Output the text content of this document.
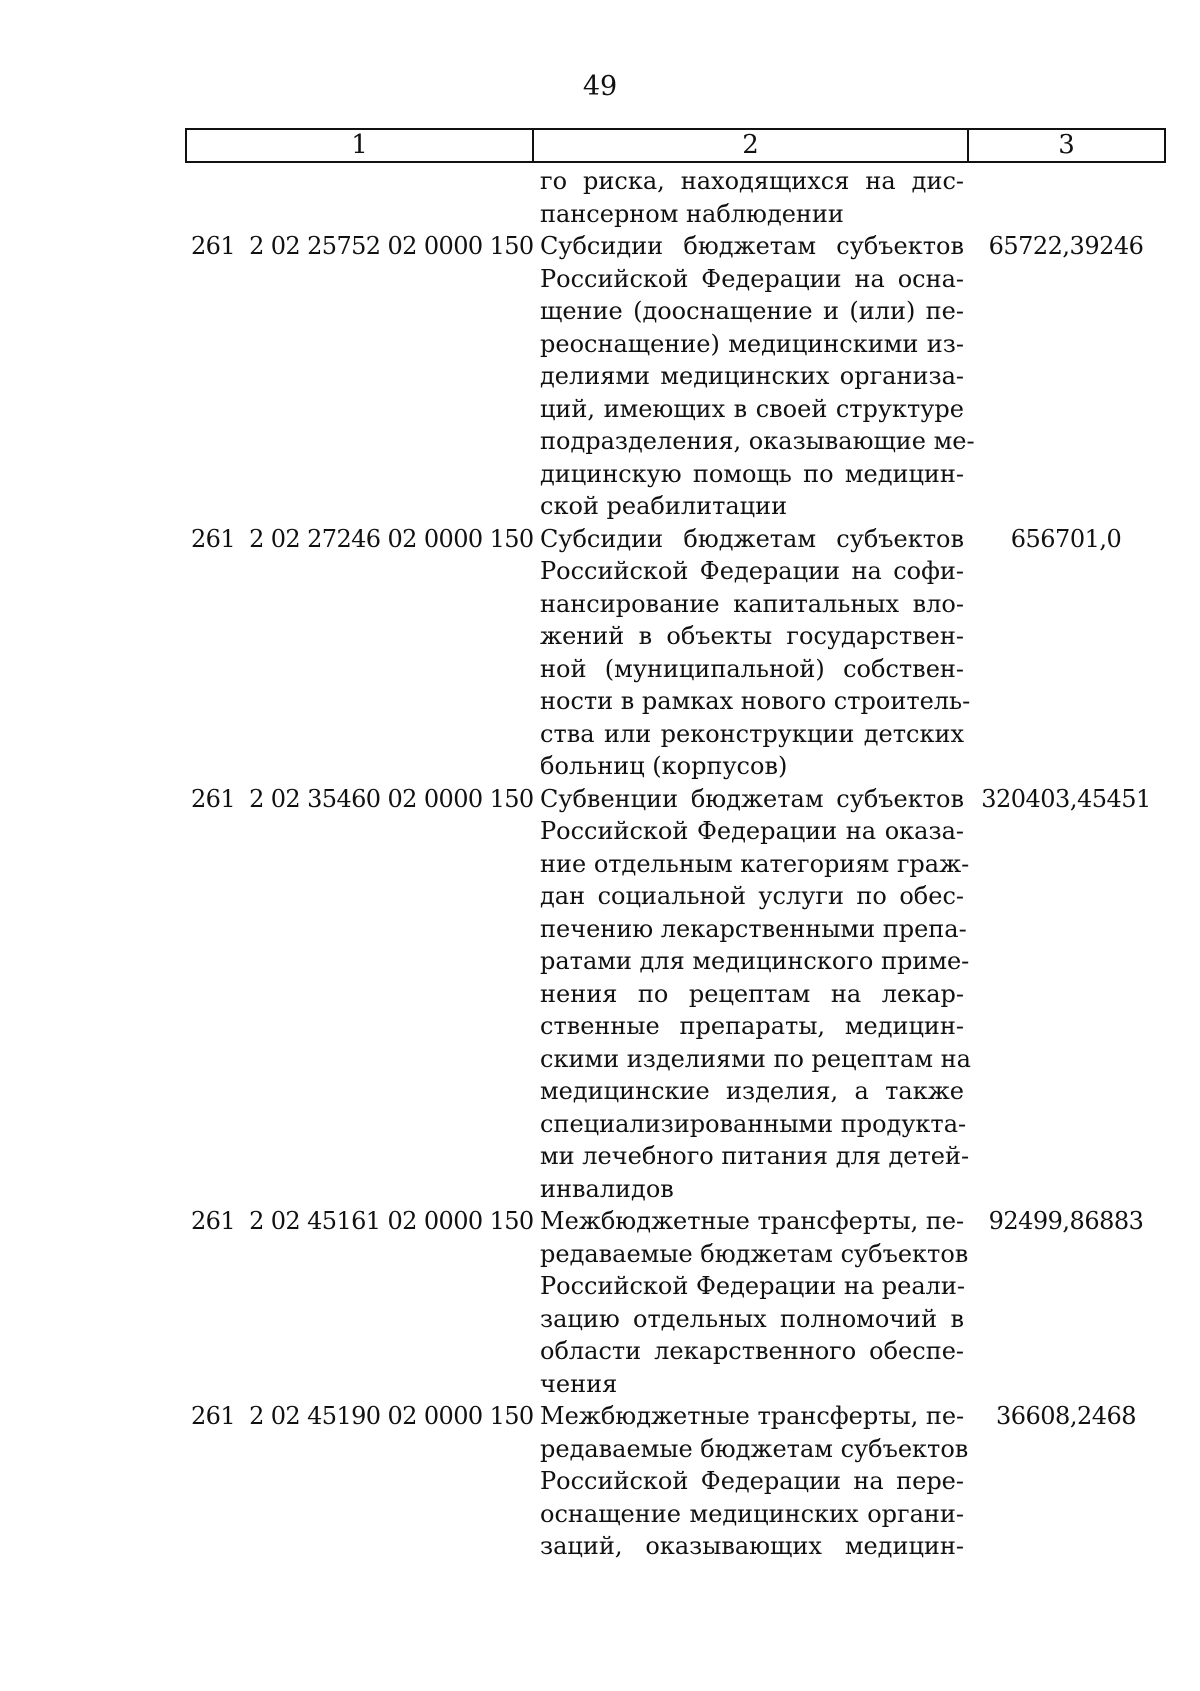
49
1	2	3
го риска, находящихся на дис-
пансерном наблюдении
261  2 02 25752 02 0000 150 Субсидии бюджетам субъектов
Российской Федерации на осна-
щение (дооснащение и (или) пе-
реоснащение) медицинскими из-
делиями медицинских организа-
ций, имеющих в своей структуре
подразделения, оказывающие ме-
дицинскую помощь по медицин-
ской реабилитации
65722,39246
261  2 02 27246 02 0000 150 Субсидии бюджетам субъектов
Российской Федерации на софи-
нансирование капитальных вло-
жений в объекты государствен-
ной (муниципальной) собствен-
ности в рамках нового строитель-
ства или реконструкции детских
больниц (корпусов)
656701,0
261  2 02 35460 02 0000 150 Субвенции бюджетам субъектов
Российской Федерации на оказа-
ние отдельным категориям граж-
дан социальной услуги по обес-
печению лекарственными препа-
ратами для медицинского приме-
нения по рецептам на лекар-
ственные препараты, медицин-
скими изделиями по рецептам на
медицинские изделия, а также
специализированными продукта-
ми лечебного питания для детей-
инвалидов
320403,45451
261  2 02 45161 02 0000 150 Межбюджетные трансферты, пе-
редаваемые бюджетам субъектов
Российской Федерации на реали-
зацию отдельных полномочий в
области лекарственного обеспе-
чения
92499,86883
261  2 02 45190 02 0000 150 Межбюджетные трансферты, пе-
редаваемые бюджетам субъектов
Российской Федерации на пере-
оснащение медицинских органи-
заций, оказывающих медицин-
36608,2468
